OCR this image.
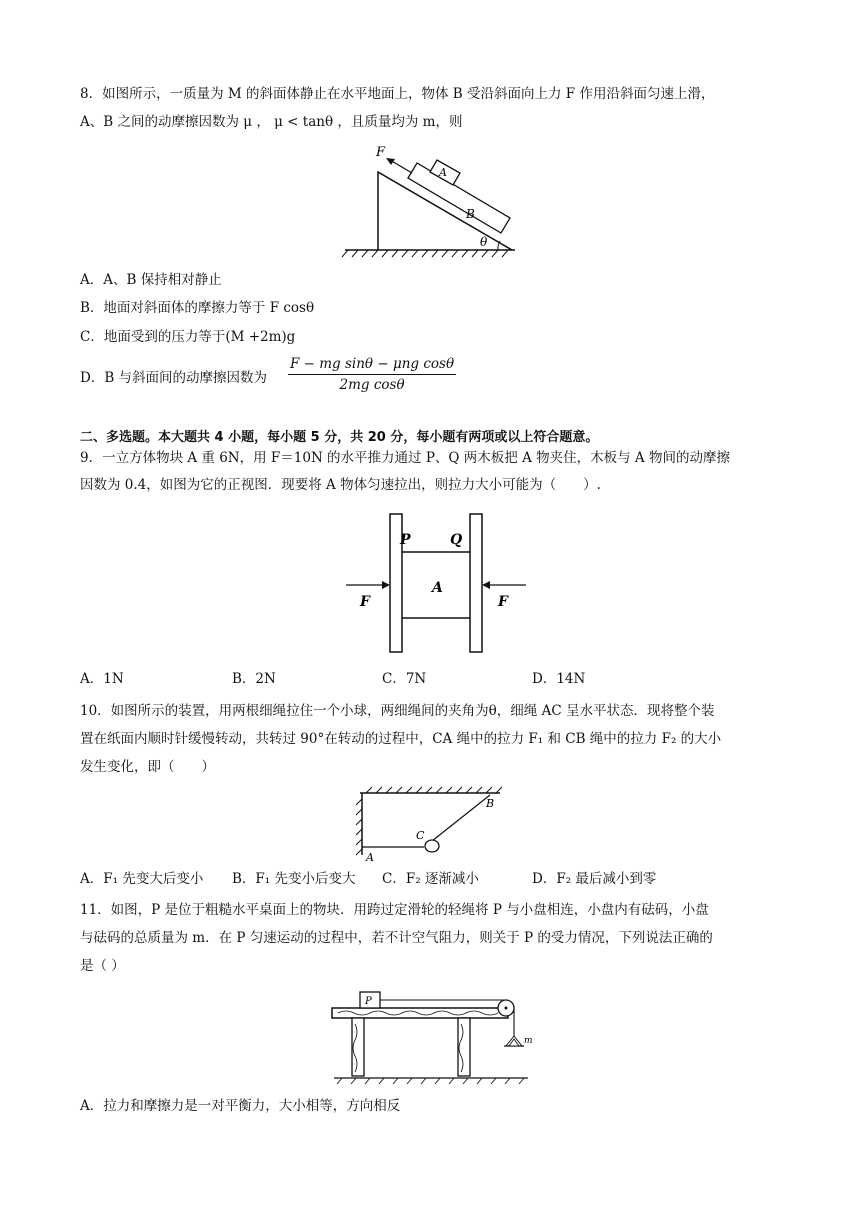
8．如图所示，一质量为 M 的斜面体静止在水平地面上，物体 B 受沿斜面向上力 F 作用沿斜面匀速上滑，
A、B 之间的动摩擦因数为 μ ， μ < tanθ ，且质量均为 m，则
F
A
B
θ
A．A、B 保持相对静止
B．地面对斜面体的摩擦力等于 F cosθ
C．地面受到的压力等于(M +2m)g
D．B 与斜面间的动摩擦因数为
F − mg sinθ − μng cosθ
2mg cosθ
二、多选题。本大题共 4 小题，每小题 5 分，共 20 分，每小题有两项或以上符合题意。
9．一立方体物块 A 重 6N，用 F＝10N 的水平推力通过 P、Q 两木板把 A 物夹住，木板与 A 物间的动摩擦
因数为 0.4，如图为它的正视图．现要将 A 物体匀速拉出，则拉力大小可能为（　　）.
P	Q
A
F	F
A．1N	B．2N	C．7N	D．14N
10．如图所示的装置，用两根细绳拉住一个小球，两细绳间的夹角为θ，细绳 AC 呈水平状态．现将整个装
置在纸面内顺时针缓慢转动，共转过 90°在转动的过程中，CA 绳中的拉力 F₁ 和 CB 绳中的拉力 F₂ 的大小
发生变化，即（　　）
A
B
C
A．F₁ 先变大后变小 B．F₁ 先变小后变大 C．F₂ 逐渐减小	D．F₂ 最后减小到零
11．如图，P 是位于粗糙水平桌面上的物块．用跨过定滑轮的轻绳将 P 与小盘相连，小盘内有砝码，小盘
与砝码的总质量为 m．在 P 匀速运动的过程中，若不计空气阻力，则关于 P 的受力情况，下列说法正确的
是（ ）
P
m
A．拉力和摩擦力是一对平衡力，大小相等，方向相反
